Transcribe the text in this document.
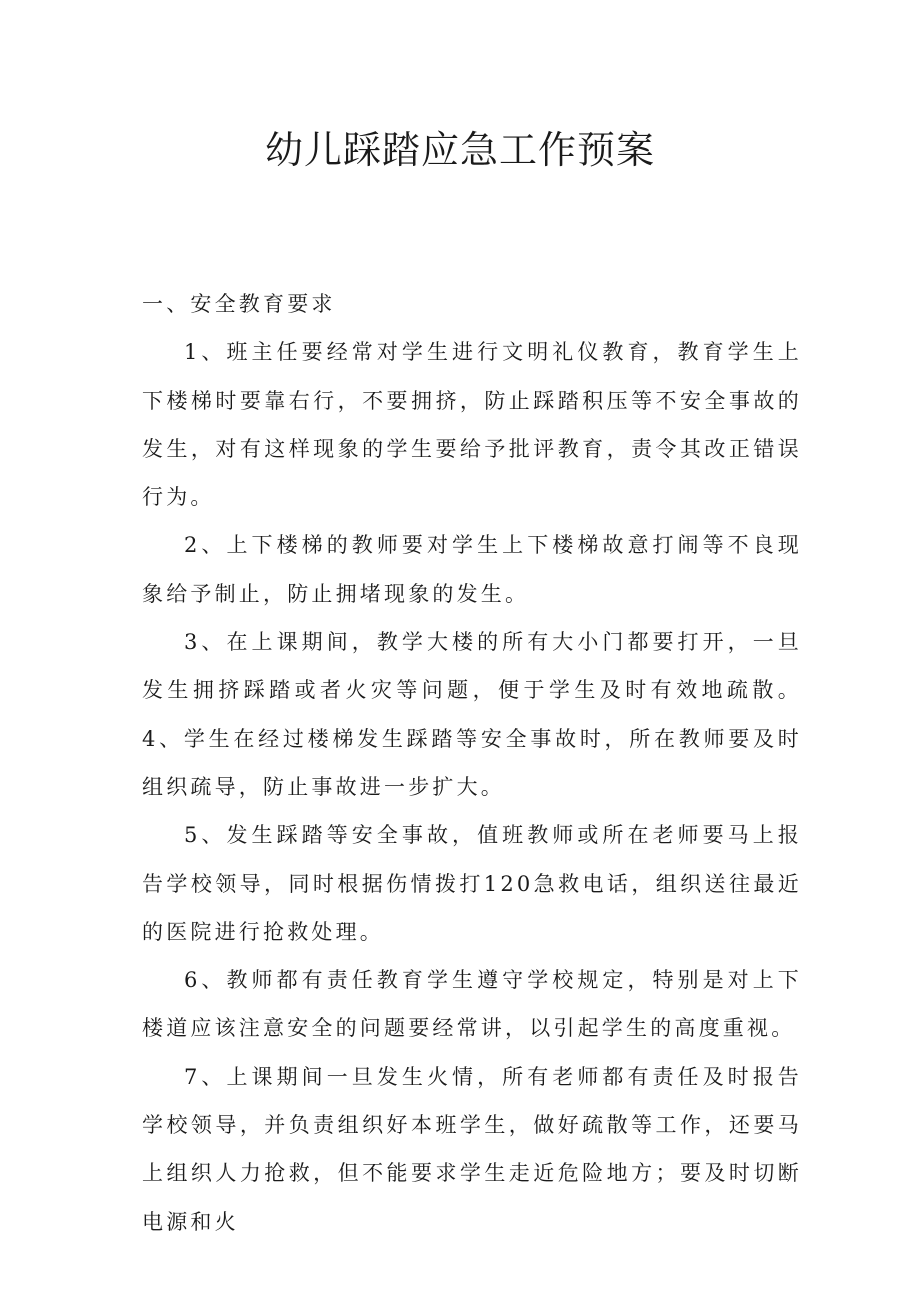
幼儿踩踏应急工作预案

一、安全教育要求

1、班主任要经常对学生进行文明礼仪教育，教育学生上下楼梯时要靠右行，不要拥挤，防止踩踏积压等不安全事故的发生，对有这样现象的学生要给予批评教育，责令其改正错误行为。

2、上下楼梯的教师要对学生上下楼梯故意打闹等不良现象给予制止，防止拥堵现象的发生。

3、在上课期间，教学大楼的所有大小门都要打开，一旦发生拥挤踩踏或者火灾等问题，便于学生及时有效地疏散。4、学生在经过楼梯发生踩踏等安全事故时，所在教师要及时组织疏导，防止事故进一步扩大。

5、发生踩踏等安全事故，值班教师或所在老师要马上报告学校领导，同时根据伤情拨打120急救电话，组织送往最近的医院进行抢救处理。

6、教师都有责任教育学生遵守学校规定，特别是对上下楼道应该注意安全的问题要经常讲，以引起学生的高度重视。

7、上课期间一旦发生火情，所有老师都有责任及时报告学校领导，并负责组织好本班学生，做好疏散等工作，还要马上组织人力抢救，但不能要求学生走近危险地方；要及时切断电源和火
